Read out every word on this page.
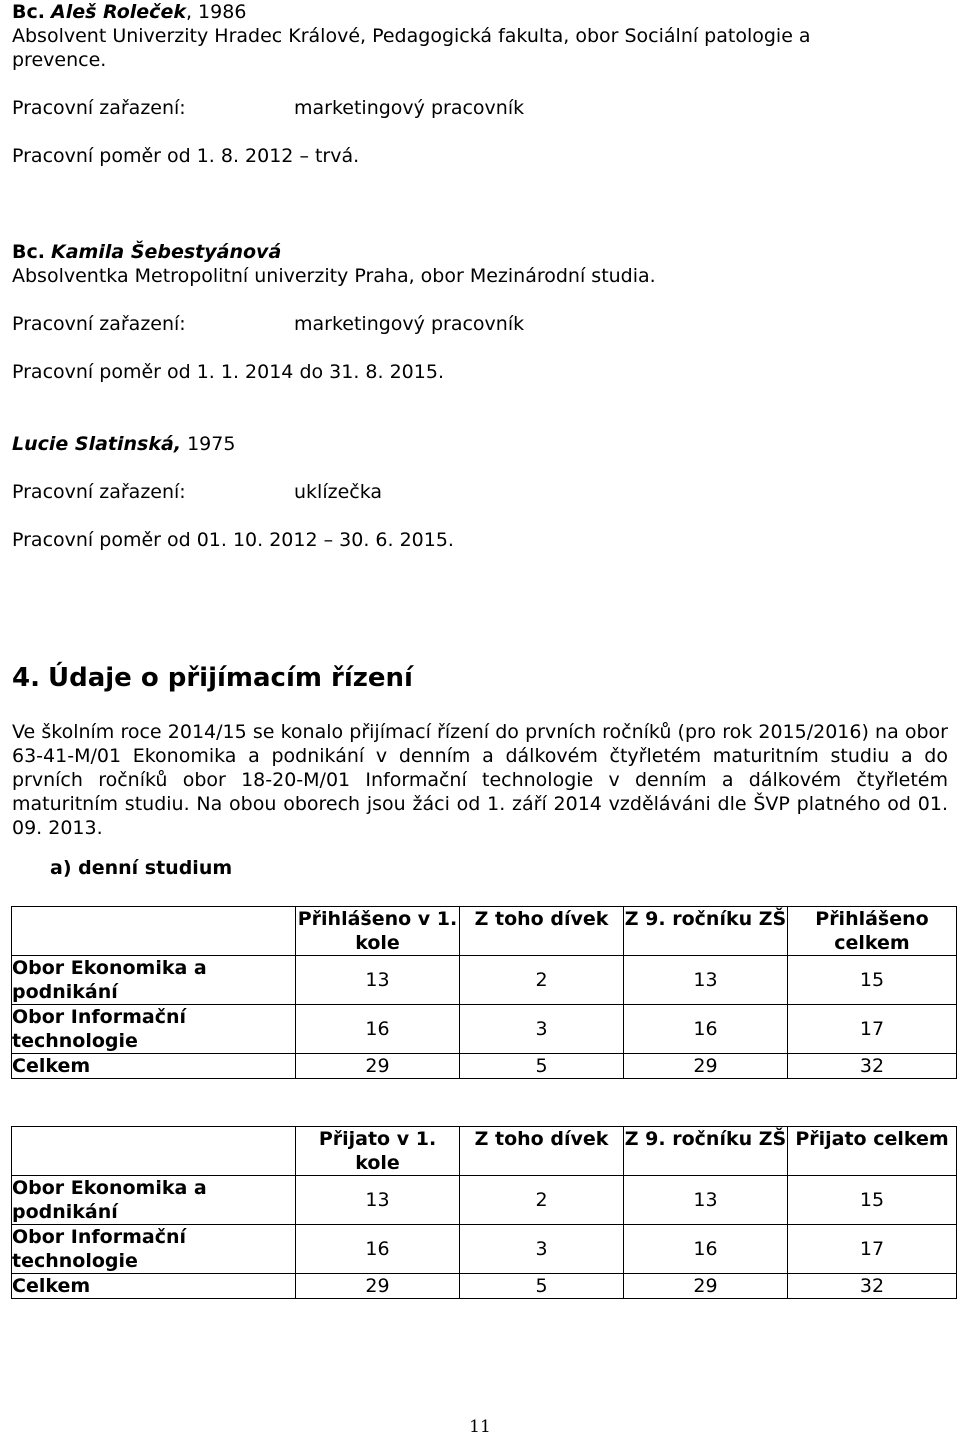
Bc. Aleš Roleček, 1986

Absolvent Univerzity Hradec Králové, Pedagogická fakulta, obor Sociální patologie a prevence.

Pracovní zařazení:	marketingový pracovník

Pracovní poměr od 1. 8. 2012 – trvá.

Bc. Kamila Šebestyánová

Absolventka Metropolitní univerzity Praha, obor Mezinárodní studia.

Pracovní zařazení:	marketingový pracovník

Pracovní poměr od 1. 1. 2014 do 31. 8. 2015.

Lucie Slatinská, 1975

Pracovní zařazení:	uklízečka

Pracovní poměr od 01. 10. 2012 – 30. 6. 2015.

4. Údaje o přijímacím řízení

Ve školním roce 2014/15 se konalo přijímací řízení do prvních ročníků (pro rok 2015/2016) na obor 63-41-M/01 Ekonomika a podnikání v denním a dálkovém čtyřletém maturitním studiu a do prvních ročníků obor 18-20-M/01 Informační technologie v denním a dálkovém čtyřletém maturitním studiu. Na obou oborech jsou žáci od 1. září 2014 vzděláváni dle ŠVP platného od 01. 09. 2013.

a) denní studium

	Přihlášeno v 1. kole	Z toho dívek	Z 9. ročníku ZŠ	Přihlášeno celkem
Obor Ekonomika a podnikání	13	2	13	15
Obor Informační technologie	16	3	16	17
Celkem	29	5	29	32
	Přijato v 1. kole	Z toho dívek	Z 9. ročníku ZŠ	Přijato celkem
Obor Ekonomika a podnikání	13	2	13	15
Obor Informační technologie	16	3	16	17
Celkem	29	5	29	32
11
